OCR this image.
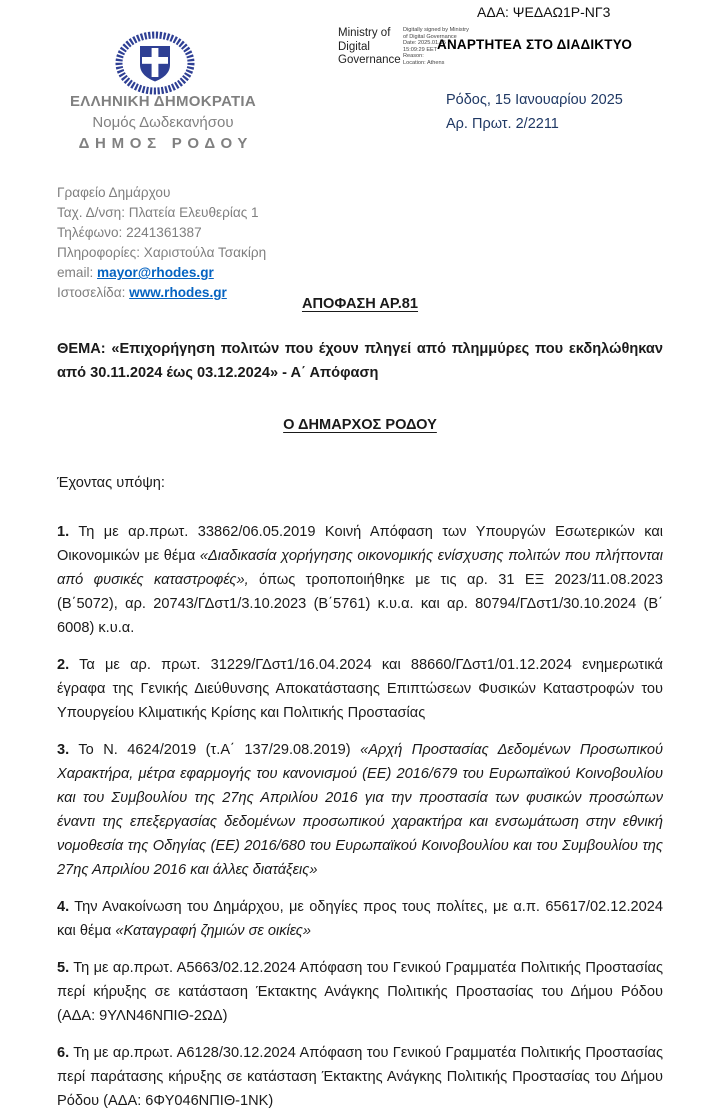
ΑΔΑ: ΨΕΔΑΩ1Ρ-ΝΓ3
Ministry of
Digital
Governance
Digitally signed by Ministry
of Digital Governance
Date: 2025.01.15
15:09:29 EET
Reason:
Location: Athens
ΑΝΑΡΤΗΤΕΑ ΣΤΟ ΔΙΑΔΙΚΤΥΟ
ΕΛΛΗΝΙΚΗ ΔΗΜΟΚΡΑΤΙΑ
Νομός Δωδεκανήσου
ΔΗΜΟΣ ΡΟΔΟΥ
Ρόδος, 15 Ιανουαρίου 2025
Αρ. Πρωτ. 2/2211
Γραφείο Δημάρχου
Ταχ. Δ/νση: Πλατεία Ελευθερίας 1
Τηλέφωνο: 2241361387
Πληροφορίες: Χαριστούλα Τσακίρη
email: mayor@rhodes.gr
Ιστοσελίδα: www.rhodes.gr

ΑΠΟΦΑΣΗ ΑΡ.81

ΘΕΜΑ: «Επιχορήγηση πολιτών που έχουν πληγεί από πλημμύρες που εκδηλώθηκαν από 30.11.2024 έως 03.12.2024» - Α΄ Απόφαση

Ο ΔΗΜΑΡΧΟΣ ΡΟΔΟΥ

Έχοντας υπόψη:

1. Τη με αρ.πρωτ. 33862/06.05.2019 Κοινή Απόφαση των Υπουργών Εσωτερικών και Οικονομικών με θέμα «Διαδικασία χορήγησης οικονομικής ενίσχυσης πολιτών που πλήττονται από φυσικές καταστροφές», όπως τροποποιήθηκε με τις αρ. 31 ΕΞ 2023/11.08.2023 (Β΄5072), αρ. 20743/ΓΔστ1/3.10.2023 (Β΄5761) κ.υ.α. και αρ. 80794/ΓΔστ1/30.10.2024 (Β΄ 6008) κ.υ.α.

2. Τα με αρ. πρωτ. 31229/ΓΔστ1/16.04.2024 και 88660/ΓΔστ1/01.12.2024 ενημερωτικά έγραφα της Γενικής Διεύθυνσης Αποκατάστασης Επιπτώσεων Φυσικών Καταστροφών του Υπουργείου Κλιματικής Κρίσης και Πολιτικής Προστασίας

3. Το Ν. 4624/2019 (τ.Α΄ 137/29.08.2019) «Αρχή Προστασίας Δεδομένων Προσωπικού Χαρακτήρα, μέτρα εφαρμογής του κανονισμού (ΕΕ) 2016/679 του Ευρωπαϊκού Κοινοβουλίου και του Συμβουλίου της 27ης Απριλίου 2016 για την προστασία των φυσικών προσώπων έναντι της επεξεργασίας δεδομένων προσωπικού χαρακτήρα και ενσωμάτωση στην εθνική νομοθεσία της Οδηγίας (ΕΕ) 2016/680 του Ευρωπαϊκού Κοινοβουλίου και του Συμβουλίου της 27ης Απριλίου 2016 και άλλες διατάξεις»

4. Την Ανακοίνωση του Δημάρχου, με οδηγίες προς τους πολίτες, με α.π. 65617/02.12.2024 και θέμα «Καταγραφή ζημιών σε οικίες»

5. Τη με αρ.πρωτ. Α5663/02.12.2024 Απόφαση του Γενικού Γραμματέα Πολιτικής Προστασίας περί κήρυξης σε κατάσταση Έκτακτης Ανάγκης Πολιτικής Προστασίας του Δήμου Ρόδου (ΑΔΑ: 9ΥΛΝ46ΝΠΙΘ-2ΩΔ)

6. Τη με αρ.πρωτ. Α6128/30.12.2024 Απόφαση του Γενικού Γραμματέα Πολιτικής Προστασίας περί παράτασης κήρυξης σε κατάσταση Έκτακτης Ανάγκης Πολιτικής Προστασίας του Δήμου Ρόδου (ΑΔΑ: 6ΦΥ046ΝΠΙΘ-1ΝΚ)
